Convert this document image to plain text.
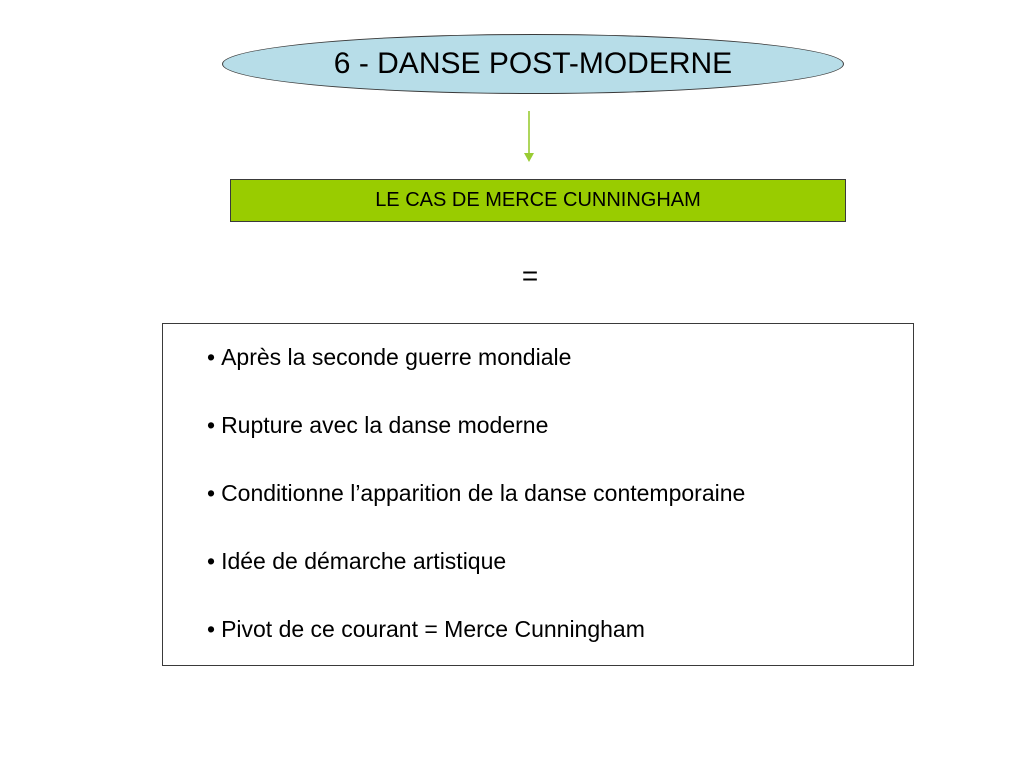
6 - DANSE POST-MODERNE
LE CAS DE MERCE CUNNINGHAM
=
• Après la seconde guerre mondiale
• Rupture avec la danse moderne
• Conditionne l’apparition de la danse contemporaine
• Idée de démarche artistique
• Pivot de ce courant = Merce Cunningham
